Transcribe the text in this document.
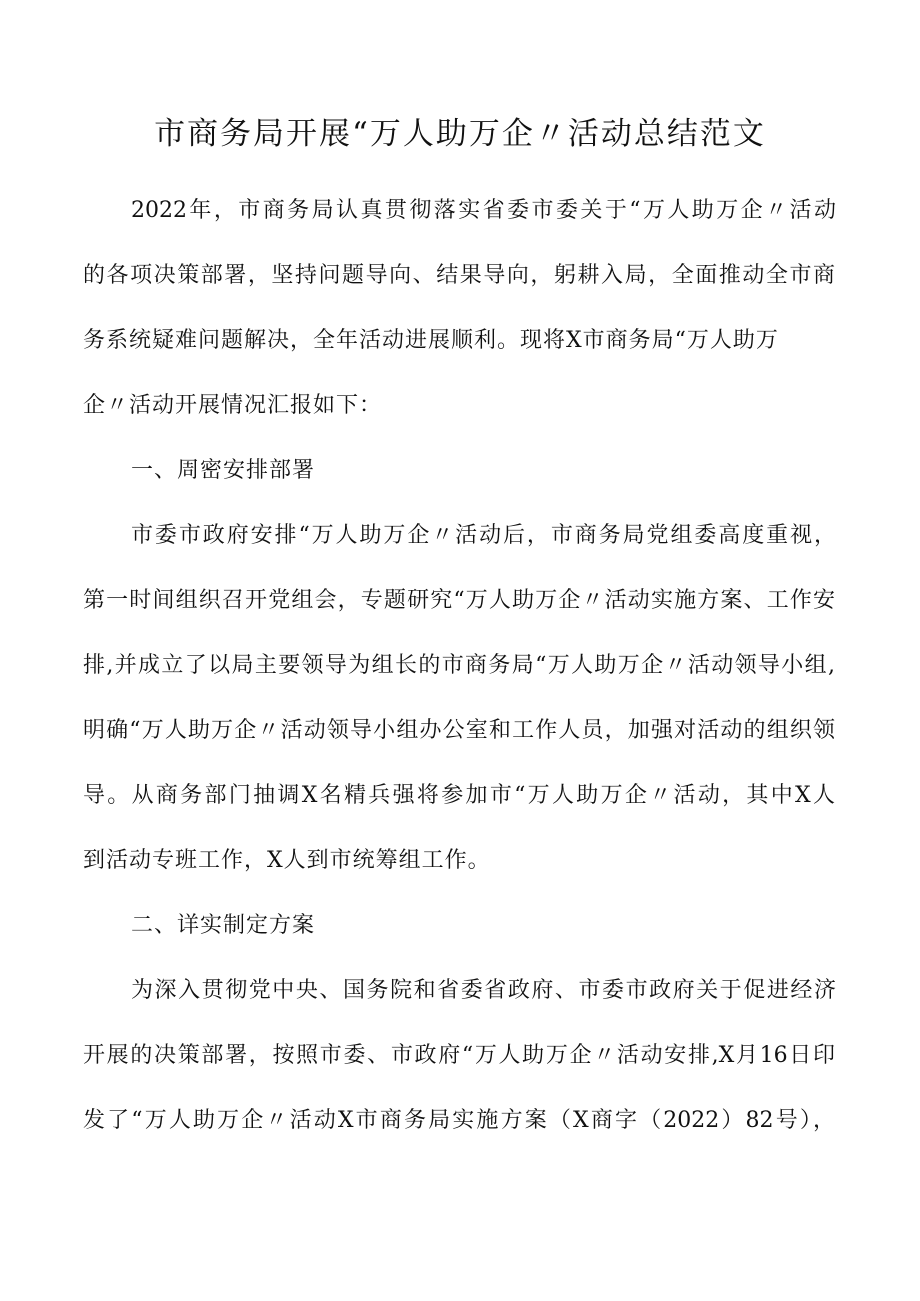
市商务局开展“万人助万企〃活动总结范文
2022年，市商务局认真贯彻落实省委市委关于“万人助万企〃活动
的各项决策部署，坚持问题导向、结果导向，躬耕入局，全面推动全市商
务系统疑难问题解决，全年活动进展顺利。现将X市商务局“万人助万
企〃活动开展情况汇报如下：
一、周密安排部署
市委市政府安排“万人助万企〃活动后，市商务局党组委高度重视，
第一时间组织召开党组会，专题研究“万人助万企〃活动实施方案、工作安
排,并成立了以局主要领导为组长的市商务局“万人助万企〃活动领导小组,
明确“万人助万企〃活动领导小组办公室和工作人员，加强对活动的组织领
导。从商务部门抽调X名精兵强将参加市“万人助万企〃活动，其中X人
到活动专班工作，X人到市统筹组工作。
二、详实制定方案
为深入贯彻党中央、国务院和省委省政府、市委市政府关于促进经济
开展的决策部署，按照市委、市政府“万人助万企〃活动安排,X月16日印
发了“万人助万企〃活动X市商务局实施方案（X商字（2022）82号），
